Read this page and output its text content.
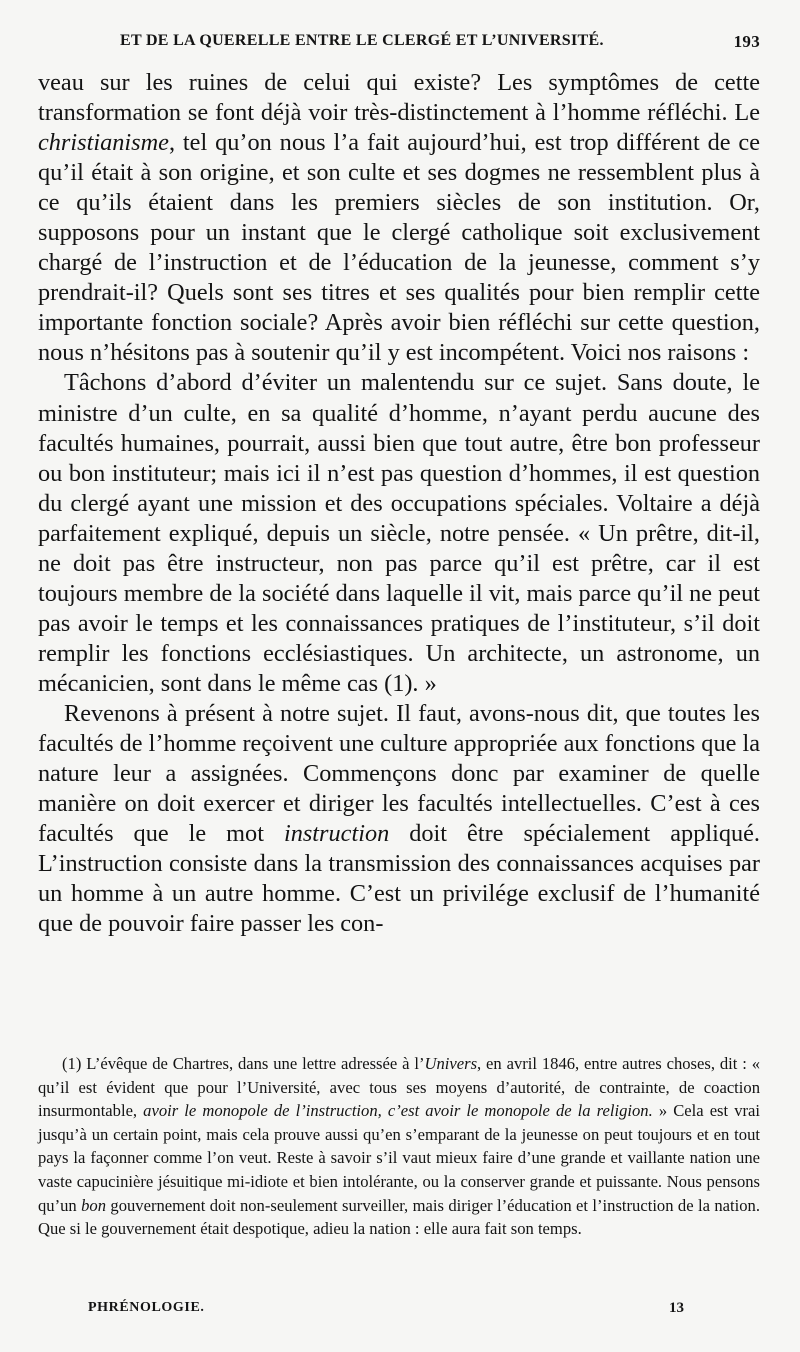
ET DE LA QUERELLE ENTRE LE CLERGÉ ET L’UNIVERSITÉ.	193

veau sur les ruines de celui qui existe? Les symptômes de cette transformation se font déjà voir très-distinctement à l’homme réfléchi. Le christianisme, tel qu’on nous l’a fait aujourd’hui, est trop différent de ce qu’il était à son origine, et son culte et ses dogmes ne ressemblent plus à ce qu’ils étaient dans les premiers siècles de son institution. Or, supposons pour un instant que le clergé catholique soit exclusivement chargé de l’instruction et de l’éducation de la jeunesse, comment s’y prendrait-il? Quels sont ses titres et ses qualités pour bien remplir cette importante fonction sociale? Après avoir bien réfléchi sur cette question, nous n’hésitons pas à soutenir qu’il y est incompétent. Voici nos raisons :

Tâchons d’abord d’éviter un malentendu sur ce sujet. Sans doute, le ministre d’un culte, en sa qualité d’homme, n’ayant perdu aucune des facultés humaines, pourrait, aussi bien que tout autre, être bon professeur ou bon instituteur; mais ici il n’est pas question d’hommes, il est question du clergé ayant une mission et des occupations spéciales. Voltaire a déjà parfaitement expliqué, depuis un siècle, notre pensée. « Un prêtre, dit-il, ne doit pas être instructeur, non pas parce qu’il est prêtre, car il est toujours membre de la société dans laquelle il vit, mais parce qu’il ne peut pas avoir le temps et les connaissances pratiques de l’instituteur, s’il doit remplir les fonctions ecclésiastiques. Un architecte, un astronome, un mécanicien, sont dans le même cas (1). »

Revenons à présent à notre sujet. Il faut, avons-nous dit, que toutes les facultés de l’homme reçoivent une culture appropriée aux fonctions que la nature leur a assignées. Commençons donc par examiner de quelle manière on doit exercer et diriger les facultés intellectuelles. C’est à ces facultés que le mot instruction doit être spécialement appliqué. L’instruction consiste dans la transmission des connaissances acquises par un homme à un autre homme. C’est un privilége exclusif de l’humanité que de pouvoir faire passer les con-

(1) L’évêque de Chartres, dans une lettre adressée à l’Univers, en avril 1846, entre autres choses, dit : « qu’il est évident que pour l’Université, avec tous ses moyens d’autorité, de contrainte, de coaction insurmontable, avoir le monopole de l’instruction, c’est avoir le monopole de la religion. » Cela est vrai jusqu’à un certain point, mais cela prouve aussi qu’en s’emparant de la jeunesse on peut toujours et en tout pays la façonner comme l’on veut. Reste à savoir s’il vaut mieux faire d’une grande et vaillante nation une vaste capucinière jésuitique mi-idiote et bien intolérante, ou la conserver grande et puissante. Nous pensons qu’un bon gouvernement doit non-seulement surveiller, mais diriger l’éducation et l’instruction de la nation. Que si le gouvernement était despotique, adieu la nation : elle aura fait son temps.

PHRÉNOLOGIE.	13
